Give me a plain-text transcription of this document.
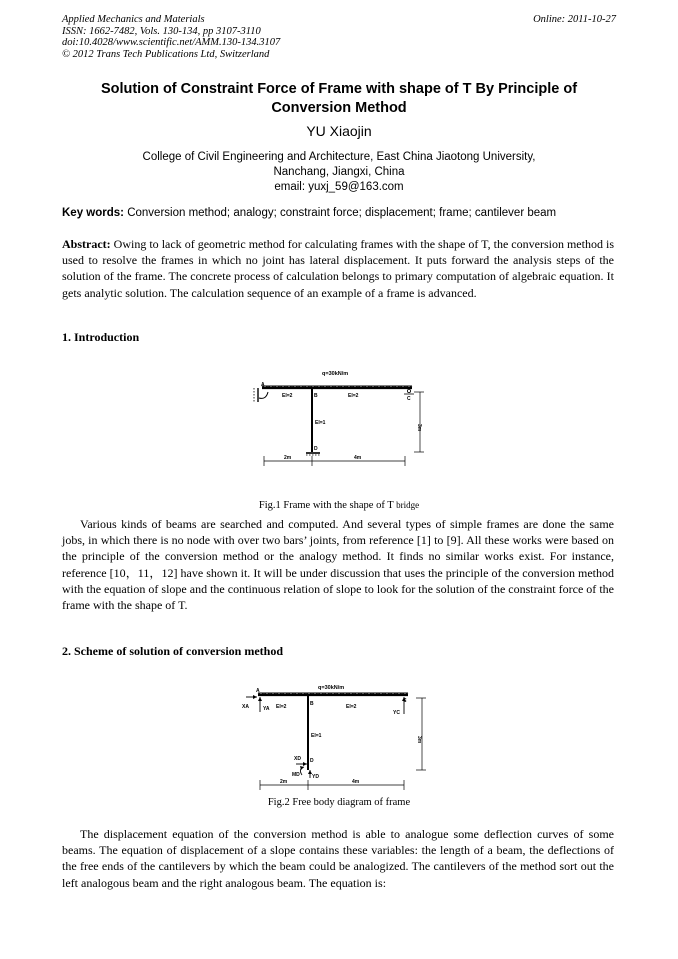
Applied Mechanics and Materials
ISSN: 1662-7482, Vols. 130-134, pp 3107-3110
doi:10.4028/www.scientific.net/AMM.130-134.3107
© 2012 Trans Tech Publications Ltd, Switzerland
Online: 2011-10-27
Solution of Constraint Force of Frame with shape of T By Principle of Conversion Method
YU Xiaojin
College of Civil Engineering and Architecture, East China Jiaotong University,
Nanchang, Jiangxi, China
email: yuxj_59@163.com
Key words: Conversion method; analogy; constraint force; displacement; frame; cantilever beam
Abstract: Owing to lack of geometric method for calculating frames with the shape of T, the conversion method is used to resolve the frames in which no joint has lateral displacement. It puts forward the analysis steps of the solution of the frame. The concrete process of calculation belongs to primary computation of algebraic equation. It gets analytic solution. The calculation sequence of an example of a frame is advanced.
1. Introduction
q=30kN/m
A
C
B
EI=2	EI=2
EI=1
D
2m	4m
3m
Fig.1 Frame with the shape of T bridge
Various kinds of beams are searched and computed. And several types of simple frames are done the same jobs, in which there is no node with over two bars’ joints, from reference [1] to [9]. All these works were based on the principle of the conversion method or the analogy method. It finds no similar works exist. For instance, reference [10，11，12] have shown it. It will be under discussion that uses the principle of the conversion method with the equation of slope and the continuous relation of slope to look for the solution of the constraint force of the frame with the shape of T.
2. Scheme of solution of conversion method
q=30kN/m
A
B
D
XA	YA
YC
EI=2	EI=2
EI=1
XD
MD YD
2m	4m
3m
Fig.2 Free body diagram of frame
The displacement equation of the conversion method is able to analogue some deflection curves of some beams. The equation of displacement of a slope contains these variables: the length of a beam, the deflections of the free ends of the cantilevers by which the beam could be analogized. The cantilevers of the method sort out the left analogous beam and the right analogous beam. The equation is:
